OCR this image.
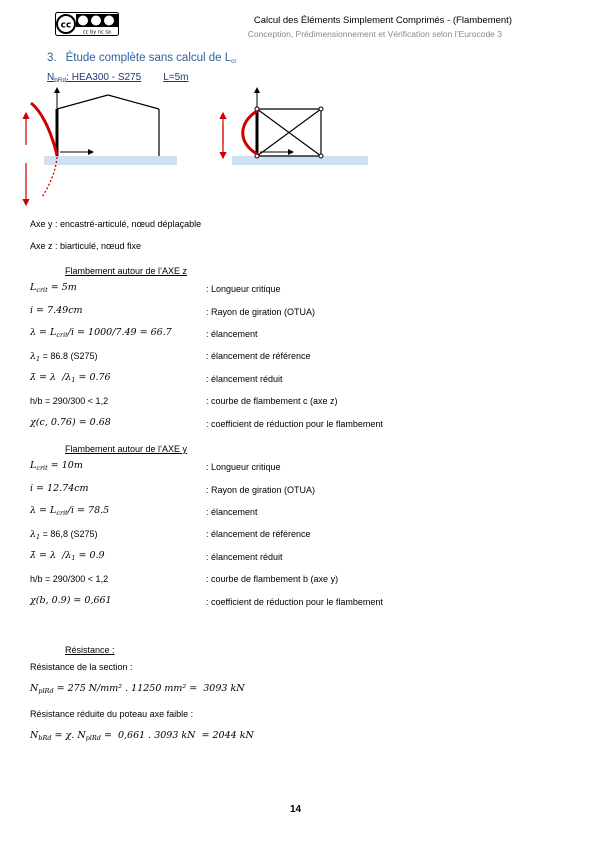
cc
cc by nc sa
Calcul des Éléments Simplement Comprimés - (Flambement)
Conception, Prédimensionnement et Vérification selon l’Eurocode 3
3. Étude complète sans calcul de $L_{cr}$
$N_{bRd}$: HEA300 - S275 L=5m
Axe y : encastré-articulé, nœud déplaçable
Axe z : biarticulé, nœud fixe
Flambement autour de l’AXE z
$L_{crit} = 5m$	: Longueur critique
i = 7.49cm	: Rayon de giration (OTUA)
$\lambda = L_{crit}/i = 1000/7.49 = 66.7$	: élancement
$\lambda_1 = 86.8$ (S275)	: élancement de référence
λ̄ = λ  $/\lambda_1 = 0.76$	: élancement réduit
h/b = 290/300 < 1,2	: courbe de flambement c (axe z)
χ(c, 0.76) = 0.68	: coefficient de réduction pour le flambement
Flambement autour de l’AXE y
$L_{crit} = 10m$	: Longueur critique
i = 12.74cm	: Rayon de giration (OTUA)
$\lambda = L_{crit}/i = 78.5$	: élancement
$\lambda_1 = 86,8$ (S275)	: élancement de référence
λ̄ = λ  $/\lambda_1 = 0.9$	: élancement réduit
h/b = 290/300 < 1,2	: courbe de flambement b (axe y)
χ(b, 0.9) = 0,661	: coefficient de réduction pour le flambement
Résistance :
Résistance de la section :
$N_{plRd} = 275$ N/mm² . 11250 mm² =  3093 kN
Résistance réduite du poteau axe faible :
$N_{bRd} = \chi$. $N_{plRd} = 0,661$ . 3093 kN  = 2044 kN
14
